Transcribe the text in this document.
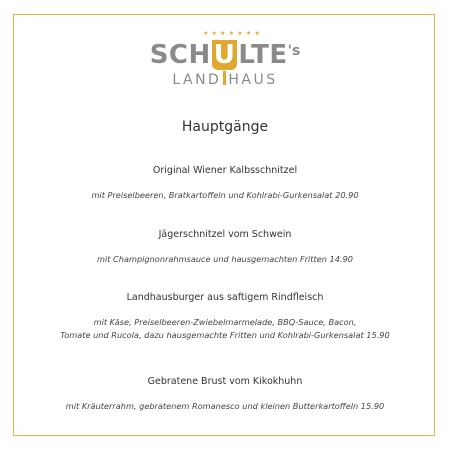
★★★★★★★
SCH U $LTE^{'s}$
LAND HAUS
Hauptgänge
Original Wiener Kalbsschnitzel
mit Preiselbeeren, Bratkartoffeln und Kohlrabi-Gurkensalat 20.90
Jägerschnitzel vom Schwein
mit Champignonrahmsauce und hausgemachten Fritten 14.90
Landhausburger aus saftigem Rindfleisch
mit Käse, Preiselbeeren-Zwiebelmarmelade, BBQ-Sauce, Bacon,
Tomate und Rucola, dazu hausgemachte Fritten und Kohlrabi-Gurkensalat 15.90
Gebratene Brust vom Kikokhuhn
mit Kräuterrahm, gebratenem Romanesco und kleinen Butterkartoffeln 15.90
